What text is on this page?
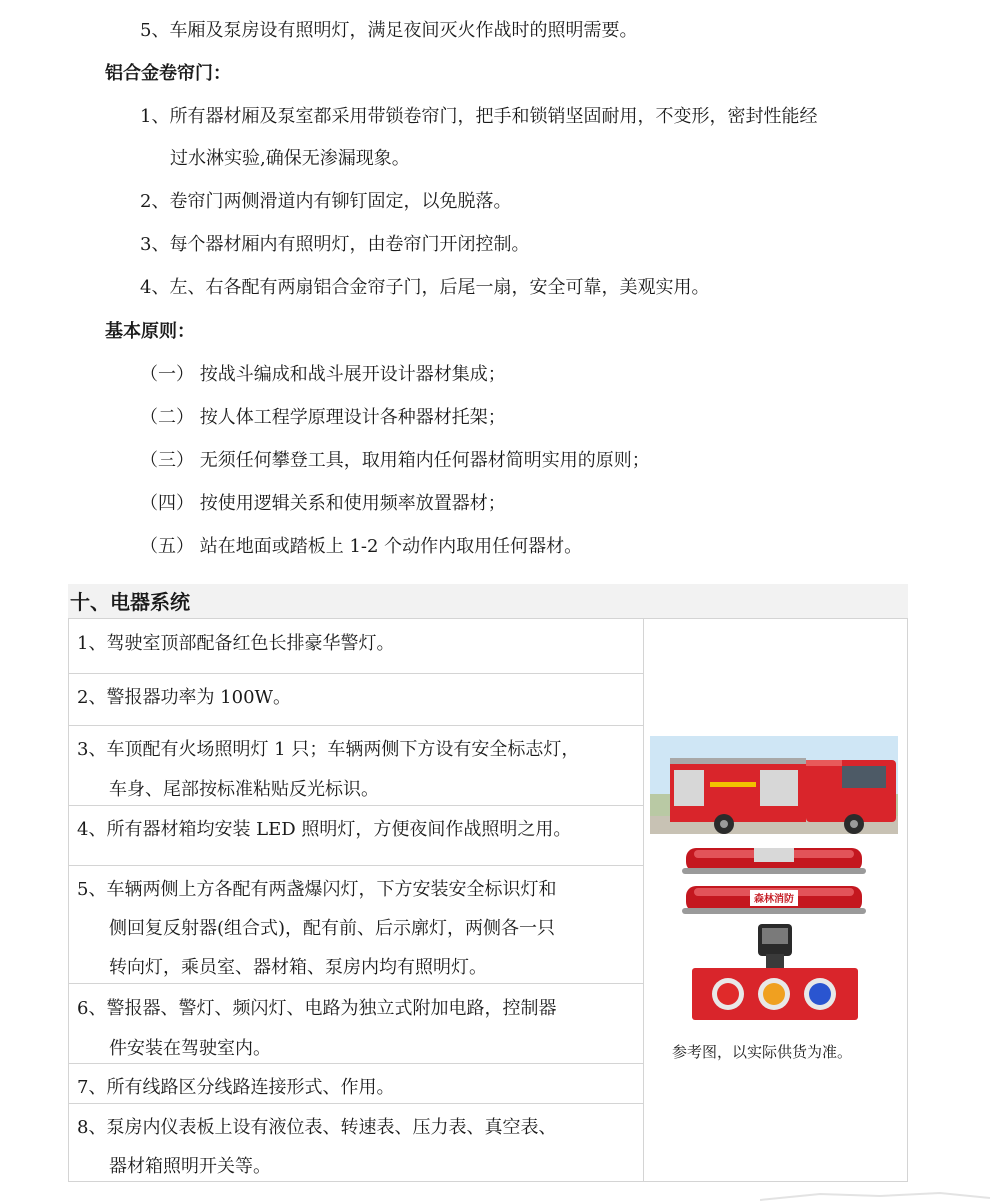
5、车厢及泵房设有照明灯，满足夜间灭火作战时的照明需要。
铝合金卷帘门：
1、所有器材厢及泵室都采用带锁卷帘门，把手和锁销坚固耐用，不变形，密封性能经
过水淋实验,确保无渗漏现象。
2、卷帘门两侧滑道内有铆钉固定，以免脱落。
3、每个器材厢内有照明灯，由卷帘门开闭控制。
4、左、右各配有两扇铝合金帘子门，后尾一扇，安全可靠，美观实用。
基本原则：
（一） 按战斗编成和战斗展开设计器材集成；
（二） 按人体工程学原理设计各种器材托架；
（三） 无须任何攀登工具，取用箱内任何器材简明实用的原则；
（四） 按使用逻辑关系和使用频率放置器材；
（五） 站在地面或踏板上 1-2 个动作内取用任何器材。
十、电器系统
1、驾驶室顶部配备红色长排豪华警灯。
2、警报器功率为 100W。
3、车顶配有火场照明灯 1 只；车辆两侧下方设有安全标志灯，
车身、尾部按标准粘贴反光标识。
4、所有器材箱均安装 LED 照明灯，方便夜间作战照明之用。
5、车辆两侧上方各配有两盏爆闪灯，下方安装安全标识灯和
侧回复反射器(组合式)，配有前、后示廓灯，两侧各一只
转向灯，乘员室、器材箱、泵房内均有照明灯。
6、警报器、警灯、频闪灯、电路为独立式附加电路，控制器
件安装在驾驶室内。
7、所有线路区分线路连接形式、作用。
8、泵房内仪表板上设有液位表、转速表、压力表、真空表、
器材箱照明开关等。
森林消防
参考图，以实际供货为准。
